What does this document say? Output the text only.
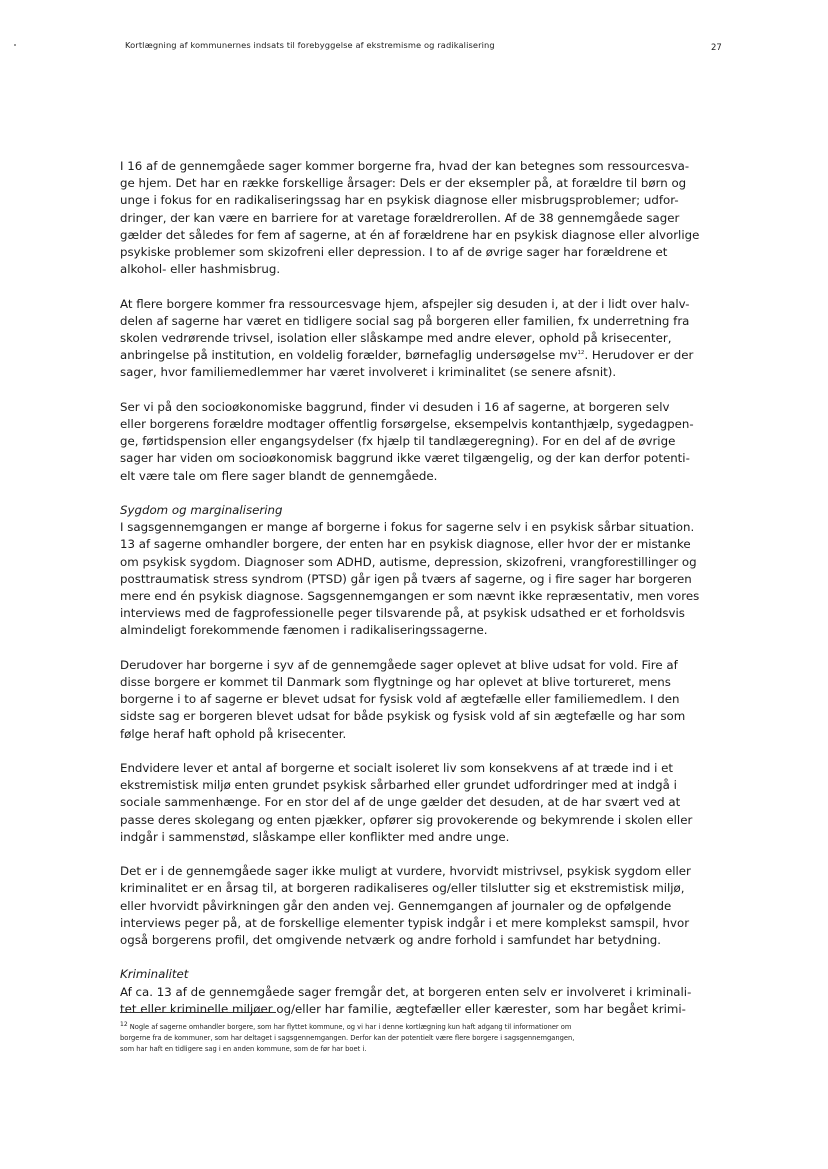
Kortlægning af kommunernes indsats til forebyggelse af ekstremisme og radikalisering	27

I 16 af de gennemgåede sager kommer borgerne fra, hvad der kan betegnes som ressourcesva-
ge hjem. Det har en række forskellige årsager: Dels er der eksempler på, at forældre til børn og
unge i fokus for en radikaliseringssag har en psykisk diagnose eller misbrugsproblemer; udfor-
dringer, der kan være en barriere for at varetage forældrerollen. Af de 38 gennemgåede sager
gælder det således for fem af sagerne, at én af forældrene har en psykisk diagnose eller alvorlige
psykiske problemer som skizofreni eller depression. I to af de øvrige sager har forældrene et
alkohol- eller hashmisbrug.

At flere borgere kommer fra ressourcesvage hjem, afspejler sig desuden i, at der i lidt over halv-
delen af sagerne har været en tidligere social sag på borgeren eller familien, fx underretning fra
skolen vedrørende trivsel, isolation eller slåskampe med andre elever, ophold på krisecenter,
anbringelse på institution, en voldelig forælder, børnefaglig undersøgelse mv$^{12}$. Herudover er der
sager, hvor familiemedlemmer har været involveret i kriminalitet (se senere afsnit).

Ser vi på den socioøkonomiske baggrund, finder vi desuden i 16 af sagerne, at borgeren selv
eller borgerens forældre modtager offentlig forsørgelse, eksempelvis kontanthjælp, sygedagpen-
ge, førtidspension eller engangsydelser (fx hjælp til tandlægeregning). For en del af de øvrige
sager har viden om socioøkonomisk baggrund ikke været tilgængelig, og der kan derfor potenti-
elt være tale om flere sager blandt de gennemgåede.

Sygdom og marginalisering
I sagsgennemgangen er mange af borgerne i fokus for sagerne selv i en psykisk sårbar situation.
13 af sagerne omhandler borgere, der enten har en psykisk diagnose, eller hvor der er mistanke
om psykisk sygdom. Diagnoser som ADHD, autisme, depression, skizofreni, vrangforestillinger og
posttraumatisk stress syndrom (PTSD) går igen på tværs af sagerne, og i fire sager har borgeren
mere end én psykisk diagnose. Sagsgennemgangen er som nævnt ikke repræsentativ, men vores
interviews med de fagprofessionelle peger tilsvarende på, at psykisk udsathed er et forholdsvis
almindeligt forekommende fænomen i radikaliseringssagerne.

Derudover har borgerne i syv af de gennemgåede sager oplevet at blive udsat for vold. Fire af
disse borgere er kommet til Danmark som flygtninge og har oplevet at blive tortureret, mens
borgerne i to af sagerne er blevet udsat for fysisk vold af ægtefælle eller familiemedlem. I den
sidste sag er borgeren blevet udsat for både psykisk og fysisk vold af sin ægtefælle og har som
følge heraf haft ophold på krisecenter.

Endvidere lever et antal af borgerne et socialt isoleret liv som konsekvens af at træde ind i et
ekstremistisk miljø enten grundet psykisk sårbarhed eller grundet udfordringer med at indgå i
sociale sammenhænge. For en stor del af de unge gælder det desuden, at de har svært ved at
passe deres skolegang og enten pjækker, opfører sig provokerende og bekymrende i skolen eller
indgår i sammenstød, slåskampe eller konflikter med andre unge.

Det er i de gennemgåede sager ikke muligt at vurdere, hvorvidt mistrivsel, psykisk sygdom eller
kriminalitet er en årsag til, at borgeren radikaliseres og/eller tilslutter sig et ekstremistisk miljø,
eller hvorvidt påvirkningen går den anden vej. Gennemgangen af journaler og de opfølgende
interviews peger på, at de forskellige elementer typisk indgår i et mere komplekst samspil, hvor
også borgerens profil, det omgivende netværk og andre forhold i samfundet har betydning.

Kriminalitet
Af ca. 13 af de gennemgåede sager fremgår det, at borgeren enten selv er involveret i kriminali-
tet eller kriminelle miljøer og/eller har familie, ægtefæller eller kærester, som har begået krimi-

$^{12}$ Nogle af sagerne omhandler borgere, som har flyttet kommune, og vi har i denne kortlægning kun haft adgang til informationer om
borgerne fra de kommuner, som har deltaget i sagsgennemgangen. Derfor kan der potentielt være flere borgere i sagsgennemgangen,
som har haft en tidligere sag i en anden kommune, som de før har boet i.
